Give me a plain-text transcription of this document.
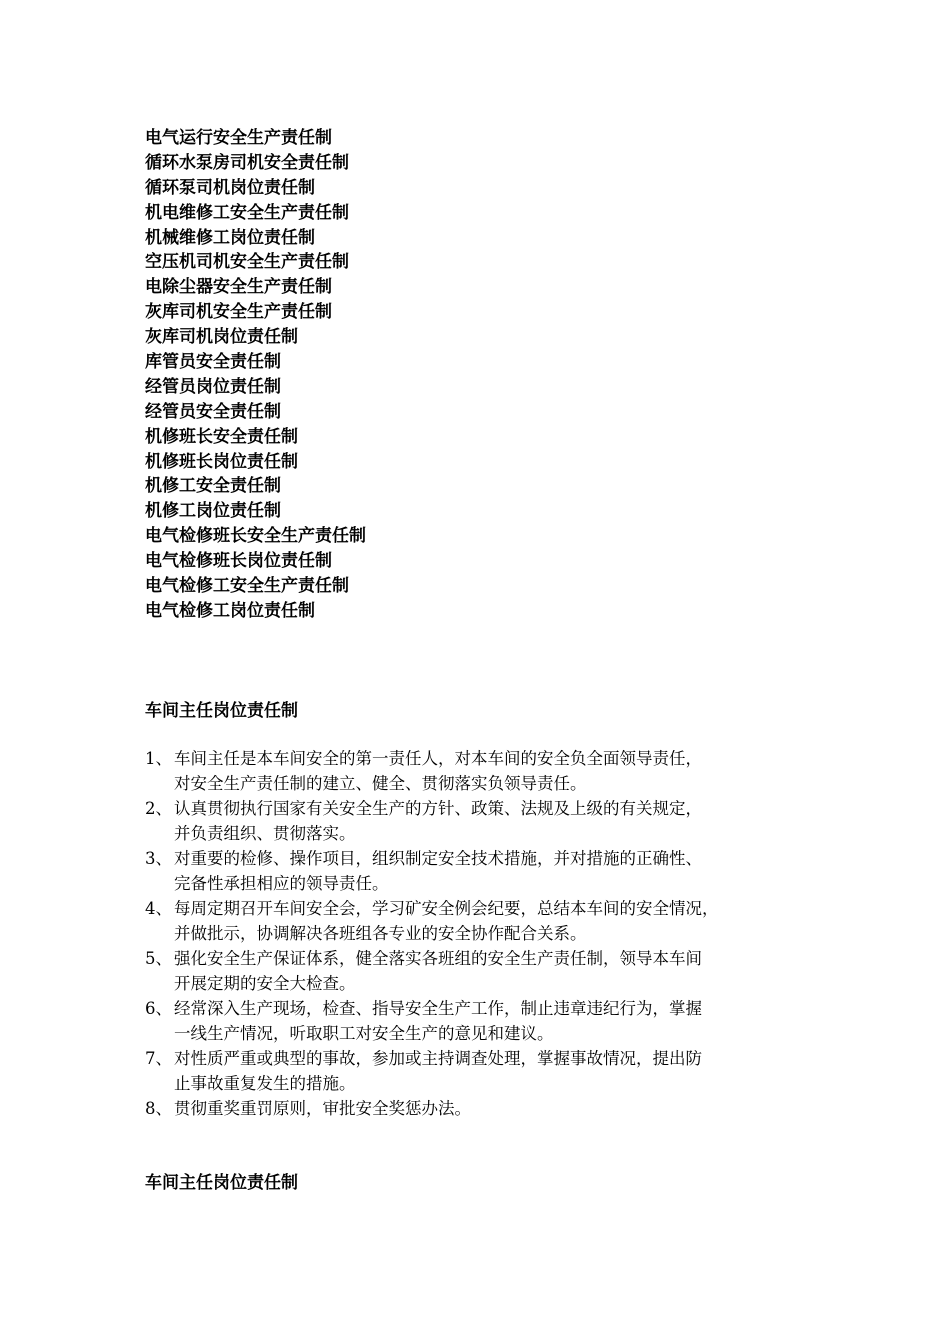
电气运行安全生产责任制
循环水泵房司机安全责任制
循环泵司机岗位责任制
机电维修工安全生产责任制
机械维修工岗位责任制
空压机司机安全生产责任制
电除尘器安全生产责任制
灰库司机安全生产责任制
灰库司机岗位责任制
库管员安全责任制
经管员岗位责任制
经管员安全责任制
机修班长安全责任制
机修班长岗位责任制
机修工安全责任制
机修工岗位责任制
电气检修班长安全生产责任制
电气检修班长岗位责任制
电气检修工安全生产责任制
电气检修工岗位责任制
车间主任岗位责任制
1、 车间主任是本车间安全的第一责任人，对本车间的安全负全面领导责任，
对安全生产责任制的建立、健全、贯彻落实负领导责任。
2、 认真贯彻执行国家有关安全生产的方针、政策、法规及上级的有关规定，
并负责组织、贯彻落实。
3、 对重要的检修、操作项目，组织制定安全技术措施，并对措施的正确性、
完备性承担相应的领导责任。
4、 每周定期召开车间安全会，学习矿安全例会纪要，总结本车间的安全情况，
并做批示，协调解决各班组各专业的安全协作配合关系。
5、 强化安全生产保证体系，健全落实各班组的安全生产责任制，领导本车间
开展定期的安全大检查。
6、 经常深入生产现场，检查、指导安全生产工作，制止违章违纪行为，掌握
一线生产情况，听取职工对安全生产的意见和建议。
7、 对性质严重或典型的事故，参加或主持调查处理，掌握事故情况，提出防
止事故重复发生的措施。
8、 贯彻重奖重罚原则，审批安全奖惩办法。
车间主任岗位责任制
